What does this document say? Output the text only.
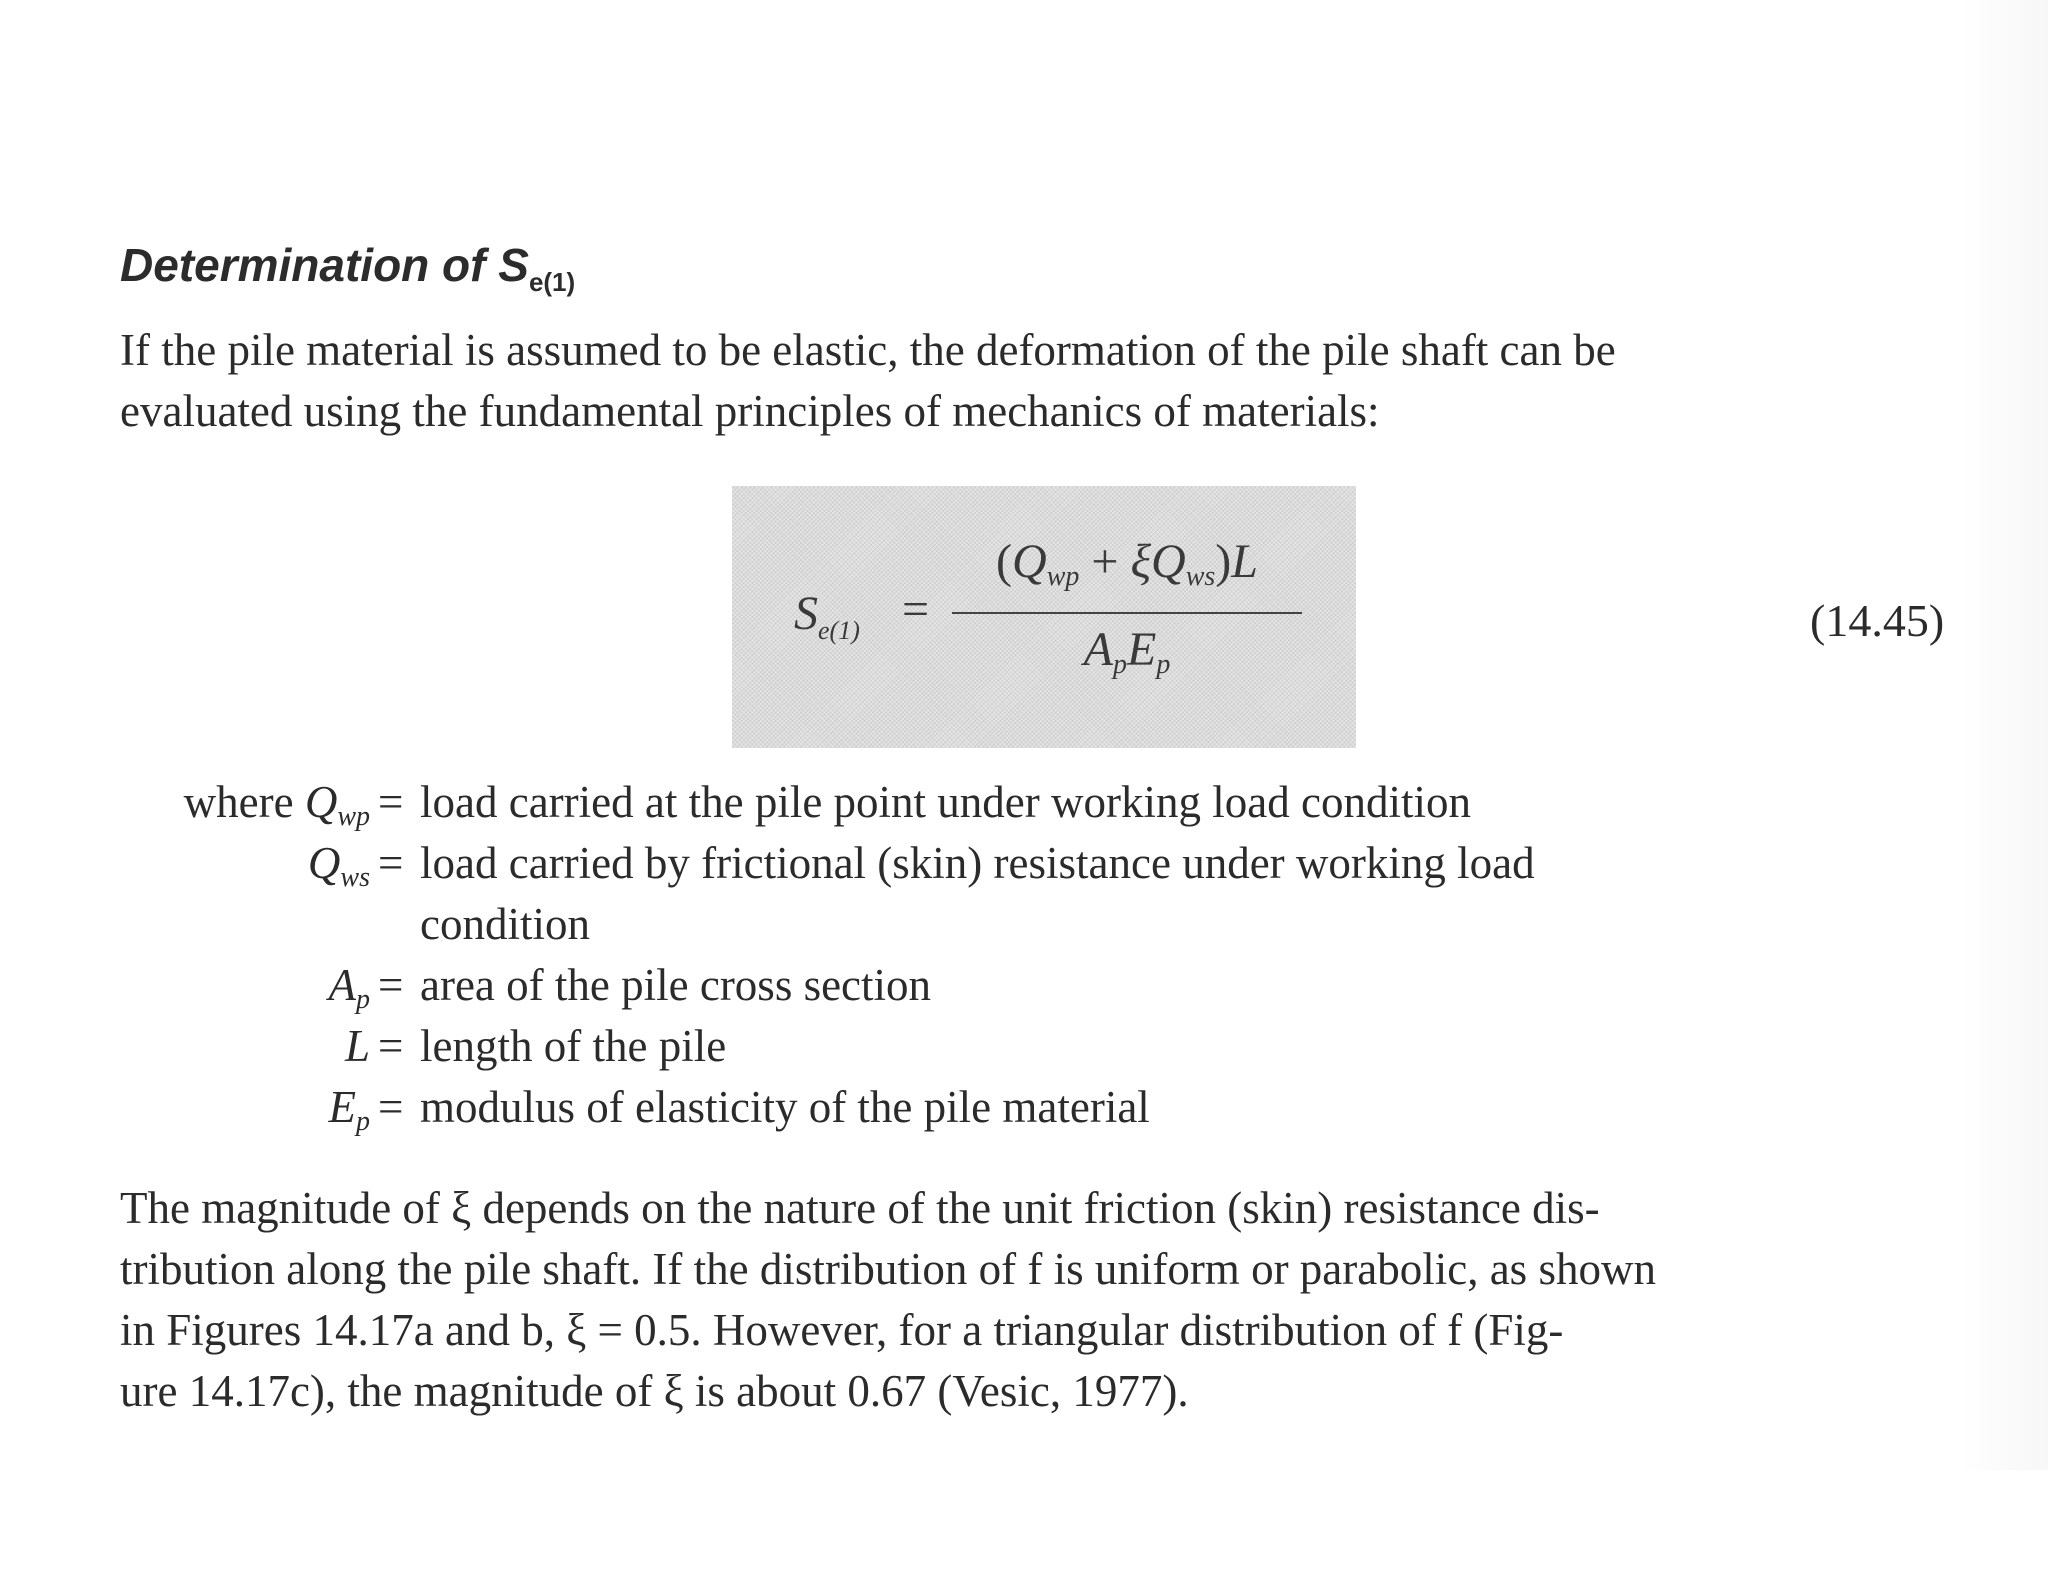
Determination of $S_{e(1)}$
If the pile material is assumed to be elastic, the deformation of the pile shaft can be
evaluated using the fundamental principles of mechanics of materials:
$S_{e(1)}$ =
$(Q_{wp} + \xi Q_{ws})L$
$A_pE_p$
(14.45)
where $Q_{wp}$ = load carried at the pile point under working load condition
$Q_{ws}$ = load carried by frictional (skin) resistance under working load
condition
$A_p$ = area of the pile cross section
L = length of the pile
$E_p$ = modulus of elasticity of the pile material
The magnitude of ξ depends on the nature of the unit friction (skin) resistance dis-
tribution along the pile shaft. If the distribution of f is uniform or parabolic, as shown
in Figures 14.17a and b, ξ = 0.5. However, for a triangular distribution of f (Fig-
ure 14.17c), the magnitude of ξ is about 0.67 (Vesic, 1977).
